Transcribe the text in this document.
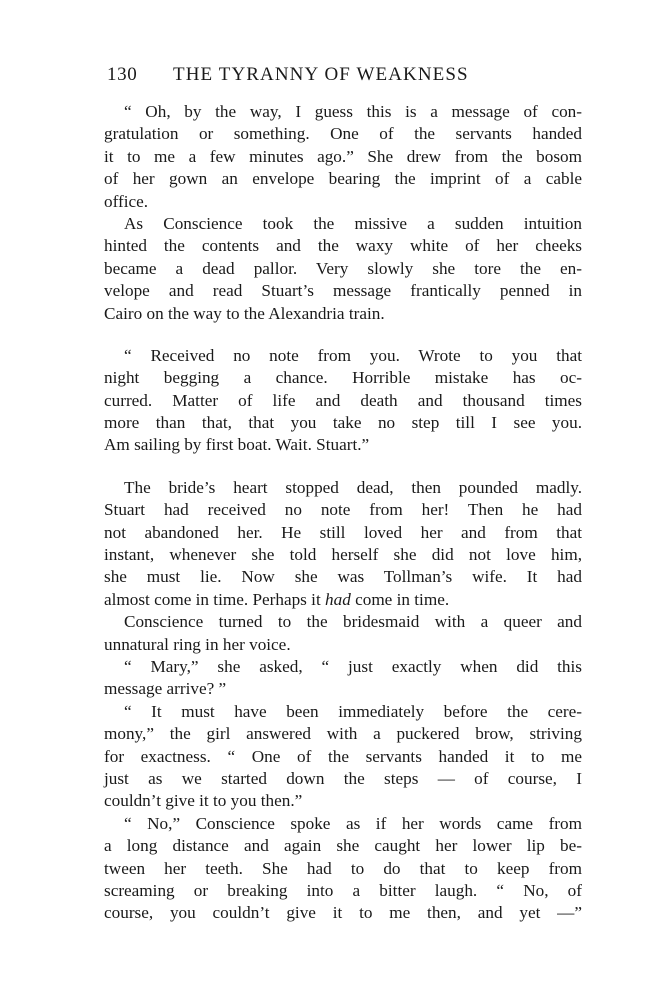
130 THE TYRANNY OF WEAKNESS
“ Oh, by the way, I guess this is a message of con-
gratulation or something. One of the servants handed
it to me a few minutes ago.” She drew from the bosom
of her gown an envelope bearing the imprint of a cable
office.
As Conscience took the missive a sudden intuition
hinted the contents and the waxy white of her cheeks
became a dead pallor. Very slowly she tore the en-
velope and read Stuart’s message frantically penned in
Cairo on the way to the Alexandria train.
“ Received no note from you. Wrote to you that
night begging a chance. Horrible mistake has oc-
curred. Matter of life and death and thousand times
more than that, that you take no step till I see you.
Am sailing by first boat. Wait. Stuart.”
The bride’s heart stopped dead, then pounded madly.
Stuart had received no note from her! Then he had
not abandoned her. He still loved her and from that
instant, whenever she told herself she did not love him,
she must lie. Now she was Tollman’s wife. It had
almost come in time. Perhaps it had come in time.
Conscience turned to the bridesmaid with a queer and
unnatural ring in her voice.
“ Mary,” she asked, “ just exactly when did this
message arrive? ”
“ It must have been immediately before the cere-
mony,” the girl answered with a puckered brow, striving
for exactness. “ One of the servants handed it to me
just as we started down the steps — of course, I
couldn’t give it to you then.”
“ No,” Conscience spoke as if her words came from
a long distance and again she caught her lower lip be-
tween her teeth. She had to do that to keep from
screaming or breaking into a bitter laugh. “ No, of
course, you couldn’t give it to me then, and yet —”
